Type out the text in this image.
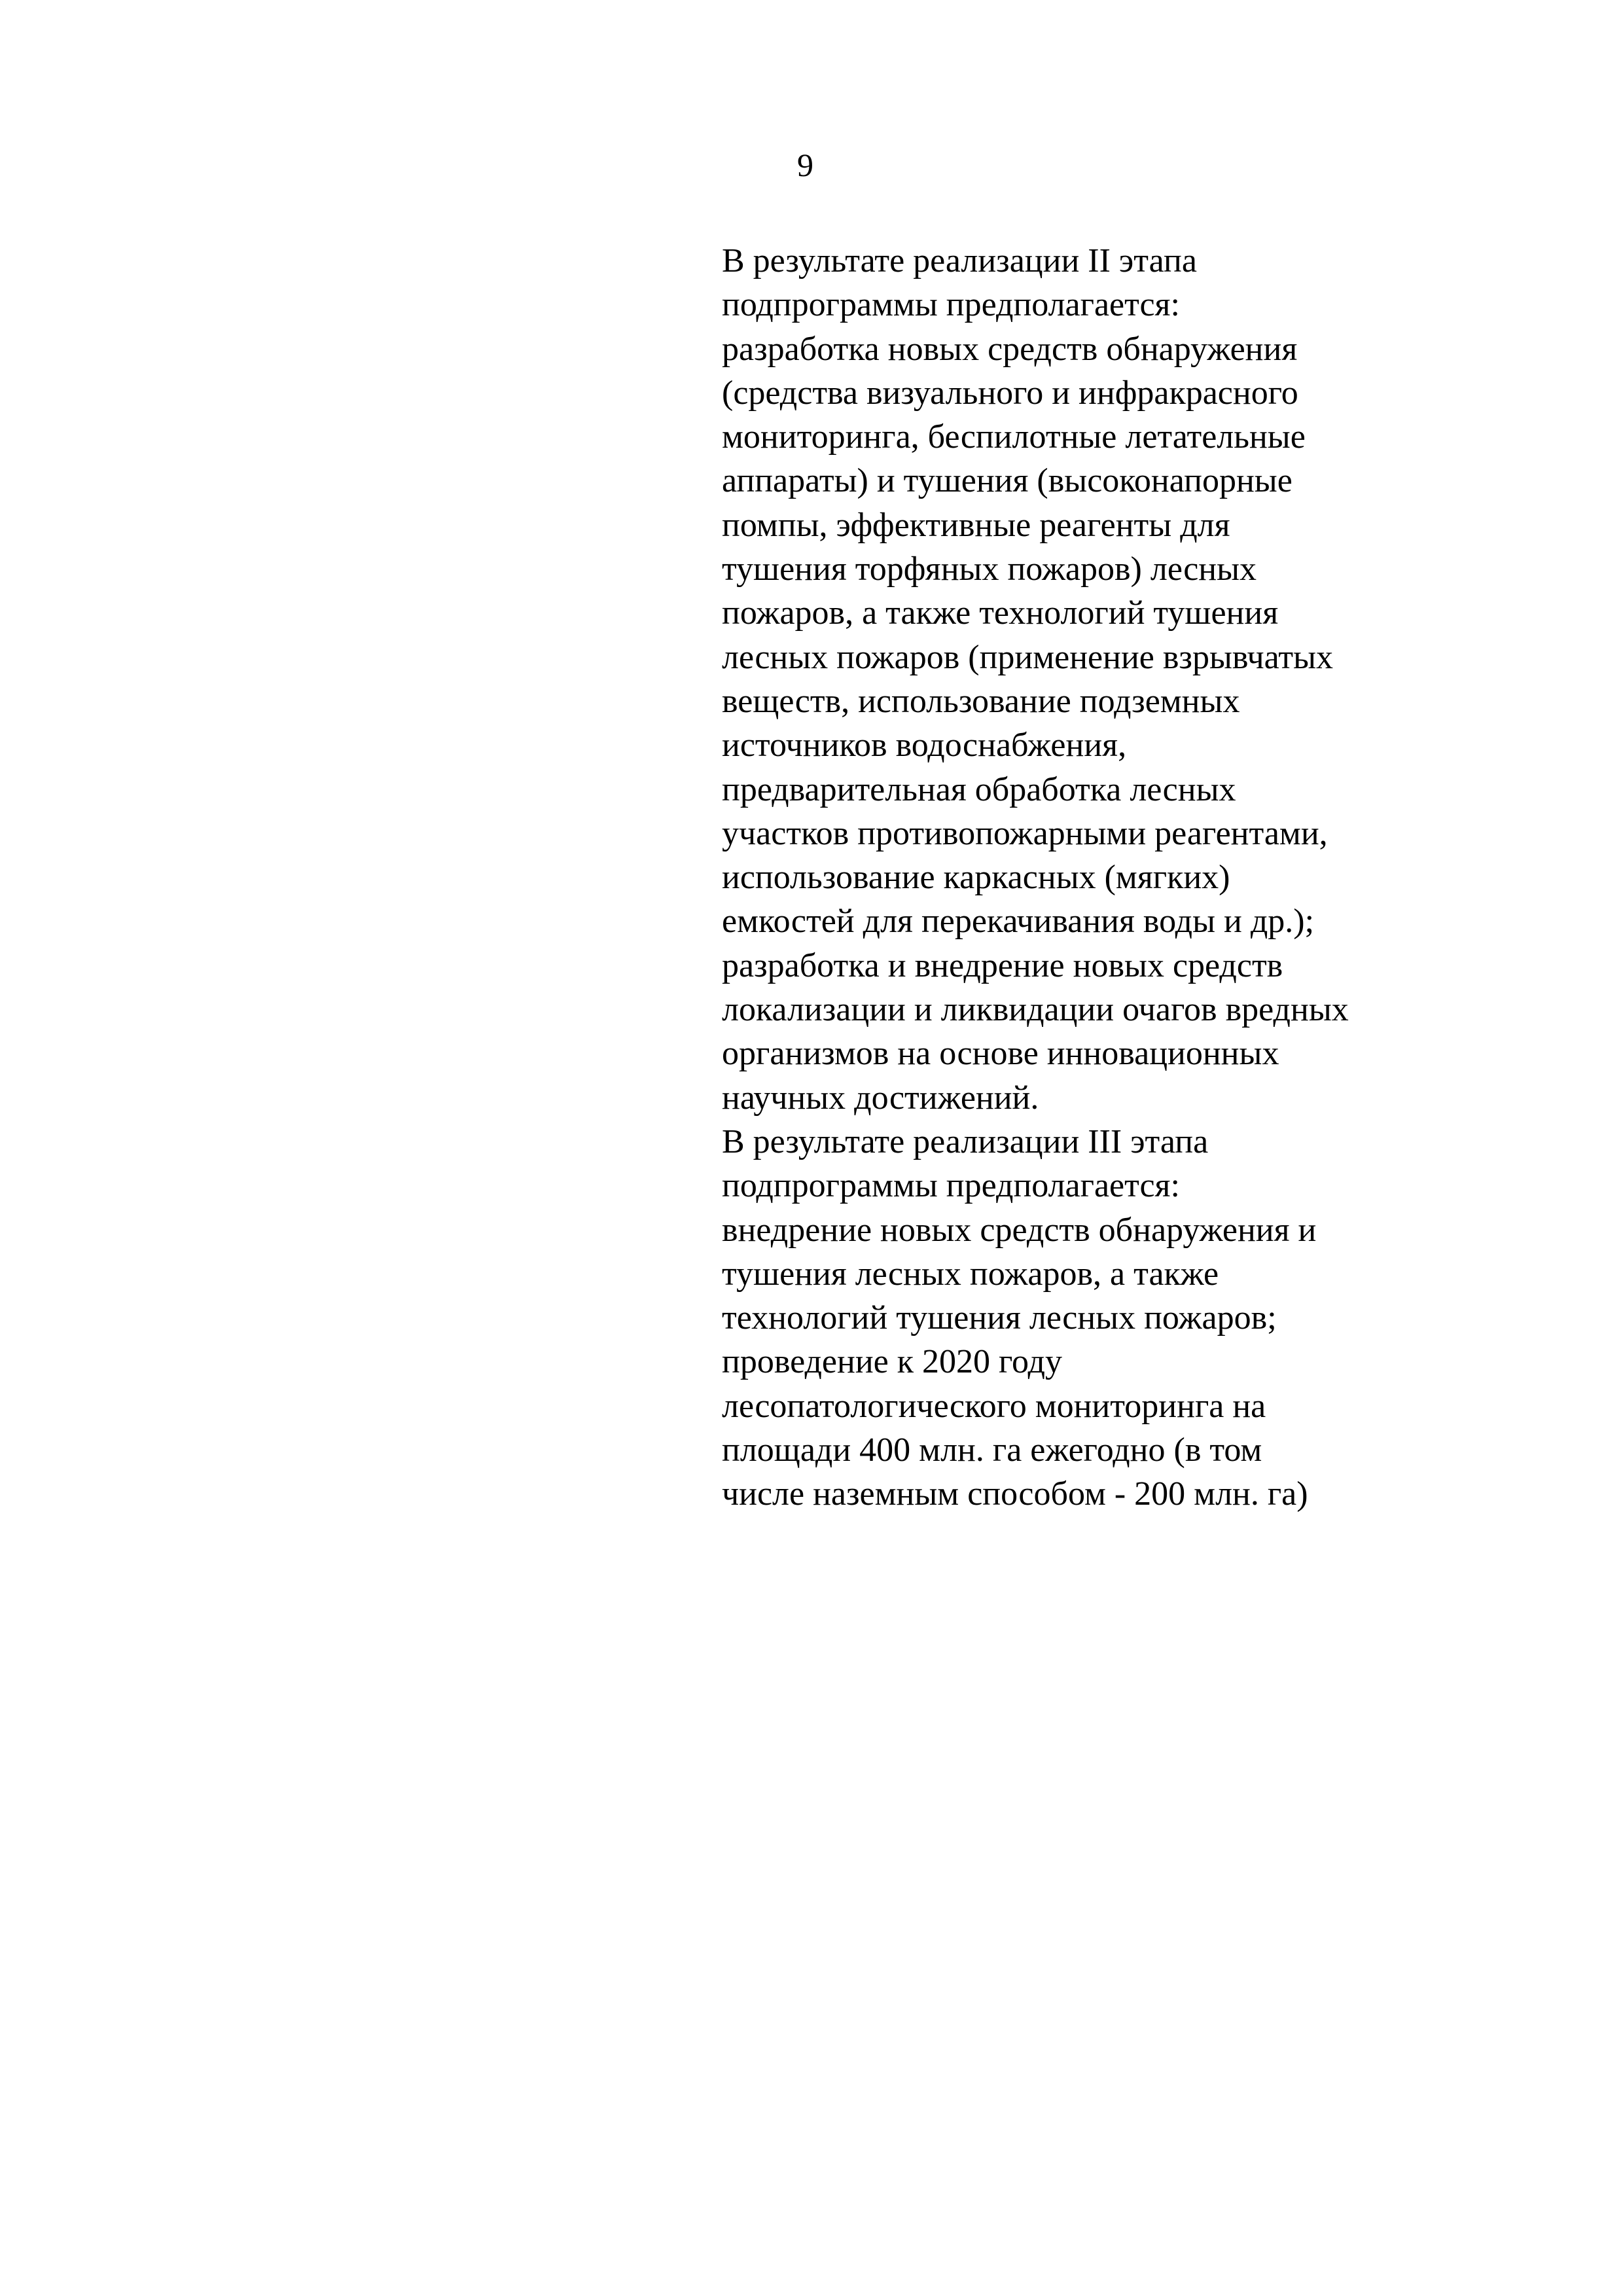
9
В результате реализации II этапа
подпрограммы предполагается:
разработка новых средств обнаружения
(средства визуального и инфракрасного
мониторинга, беспилотные летательные
аппараты) и тушения (высоконапорные
помпы, эффективные реагенты для
тушения торфяных пожаров) лесных
пожаров, а также технологий тушения
лесных пожаров (применение взрывчатых
веществ, использование подземных
источников водоснабжения,
предварительная обработка лесных
участков противопожарными реагентами,
использование каркасных (мягких)
емкостей для перекачивания воды и др.);
разработка и внедрение новых средств
локализации и ликвидации очагов вредных
организмов на основе инновационных
научных достижений.
В результате реализации III этапа
подпрограммы предполагается:
внедрение новых средств обнаружения и
тушения лесных пожаров, а также
технологий тушения лесных пожаров;
проведение к 2020 году
лесопатологического мониторинга на
площади 400 млн. га ежегодно (в том
числе наземным способом - 200 млн. га)
